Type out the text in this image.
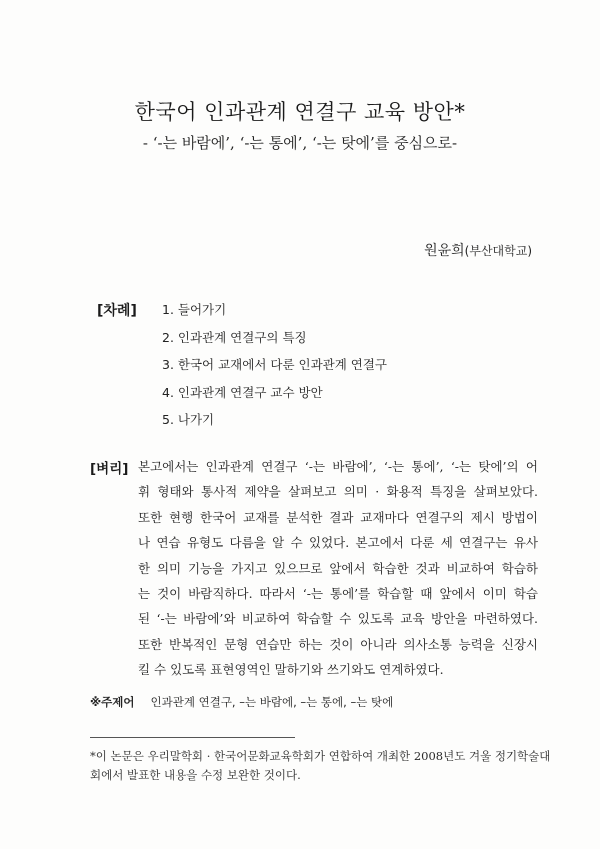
한국어 인과관계 연결구 교육 방안*
- ‘-는 바람에’, ‘-는 통에’, ‘-는 탓에’를 중심으로-
원윤희(부산대학교)
[차례] 1. 들어가기
2. 인과관계 연결구의 특징
3. 한국어 교재에서 다룬 인과관계 연결구
4. 인과관계 연결구 교수 방안
5. 나가기
[벼리] 본고에서는 인과관계 연결구 ‘-는 바람에’, ‘-는 통에’, ‘-는 탓에’의 어
휘 형태와 통사적 제약을 살펴보고 의미 · 화용적 특징을 살펴보았다.
또한 현행 한국어 교재를 분석한 결과 교재마다 연결구의 제시 방법이
나 연습 유형도 다름을 알 수 있었다. 본고에서 다룬 세 연결구는 유사
한 의미 기능을 가지고 있으므로 앞에서 학습한 것과 비교하여 학습하
는 것이 바람직하다. 따라서 ‘-는 통에’를 학습할 때 앞에서 이미 학습
된 ‘-는 바람에’와 비교하여 학습할 수 있도록 교육 방안을 마련하였다.
또한 반복적인 문형 연습만 하는 것이 아니라 의사소통 능력을 신장시
킬 수 있도록 표현영역인 말하기와 쓰기와도 연계하였다.
※주제어 인과관계 연결구, –는 바람에, –는 통에, –는 탓에
*이 논문은 우리말학회 · 한국어문화교육학회가 연합하여 개최한 2008년도 겨울 정기학술대
회에서 발표한 내용을 수정 보완한 것이다.
